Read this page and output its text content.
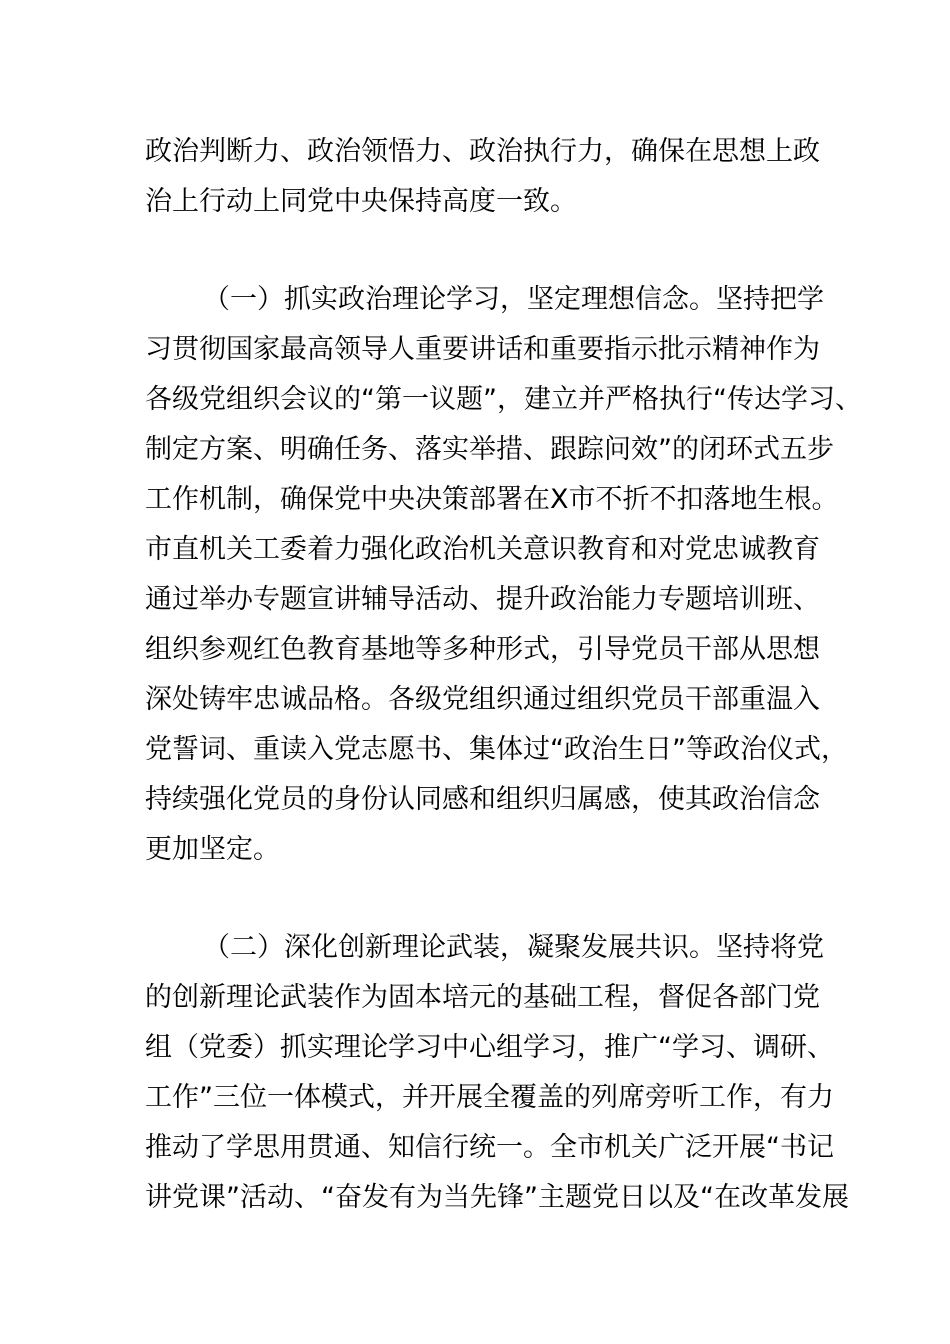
政治判断力、政治领悟力、政治执行力，确保在思想上政
治上行动上同党中央保持高度一致。
（一）抓实政治理论学习，坚定理想信念。坚持把学
习贯彻国家最高领导人重要讲话和重要指示批示精神作为
各级党组织会议的“第一议题”，建立并严格执行“传达学习、
制定方案、明确任务、落实举措、跟踪问效”的闭环式五步
工作机制，确保党中央决策部署在X市不折不扣落地生根。
市直机关工委着力强化政治机关意识教育和对党忠诚教育
通过举办专题宣讲辅导活动、提升政治能力专题培训班、
组织参观红色教育基地等多种形式，引导党员干部从思想
深处铸牢忠诚品格。各级党组织通过组织党员干部重温入
党誓词、重读入党志愿书、集体过“政治生日”等政治仪式，
持续强化党员的身份认同感和组织归属感，使其政治信念
更加坚定。
（二）深化创新理论武装，凝聚发展共识。坚持将党
的创新理论武装作为固本培元的基础工程，督促各部门党
组（党委）抓实理论学习中心组学习，推广“学习、调研、
工作”三位一体模式，并开展全覆盖的列席旁听工作，有力
推动了学思用贯通、知信行统一。全市机关广泛开展“书记
讲党课”活动、“奋发有为当先锋”主题党日以及“在改革发展
